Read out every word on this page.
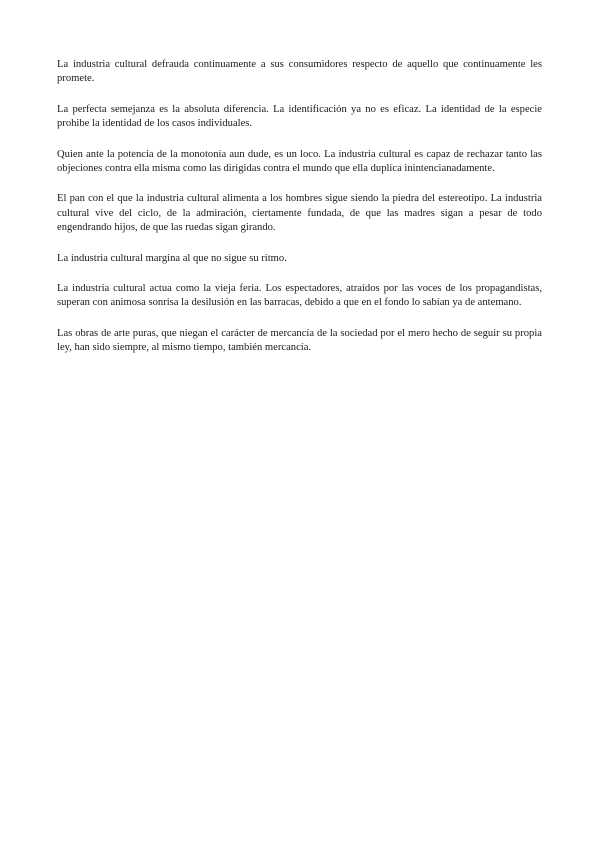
La industria cultural defrauda continuamente a sus consumidores respecto de aquello que continuamente les promete.

La perfecta semejanza es la absoluta diferencia. La identificación ya no es eficaz. La identidad de la especie prohibe la identidad de los casos individuales.

Quien ante la potencia de la monotonía aun dude, es un loco. La industria cultural es capaz de rechazar tanto las objeciones contra ella misma como las dirigidas contra el mundo que ella duplica inintencianadamente.

El pan con el que la industria cultural alimenta a los hombres sigue siendo la piedra del estereotipo. La industria cultural vive del ciclo, de la admiración, ciertamente fundada, de que las madres sigan a pesar de todo engendrando hijos, de que las ruedas sigan girando.

La industria cultural margina al que no sigue su ritmo.

La industria cultural actua como la vieja feria. Los espectadores, atraídos por las voces de los propagandistas, superan con animosa sonrisa la desilusión en las barracas, debido a que en el fondo lo sabían ya de antemano.

Las obras de arte puras, que niegan el carácter de mercancía de la sociedad por el mero hecho de seguir su propia ley, han sido siempre, al mismo tiempo, también mercancía.
